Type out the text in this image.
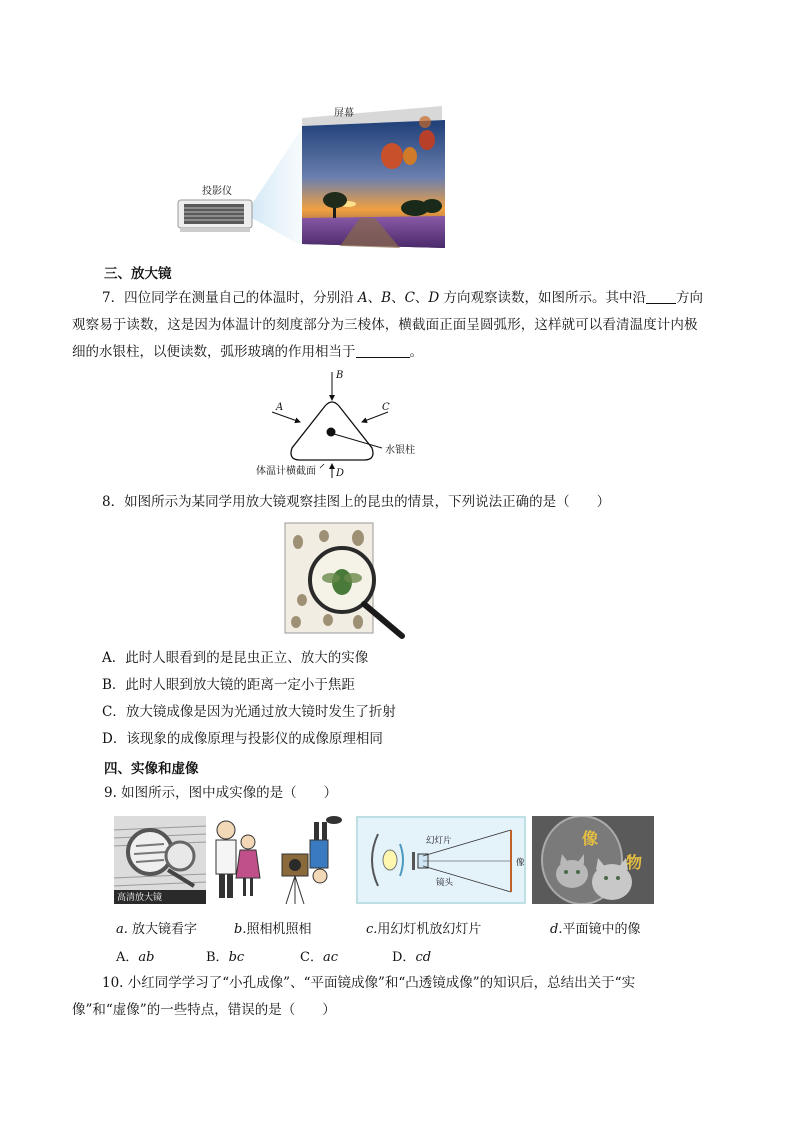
屏幕
投影仪
三、放大镜
7．四位同学在测量自己的体温时，分别沿 A、B、C、D 方向观察读数，如图所示。其中沿 方向
观察易于读数，这是因为体温计的刻度部分为三棱体，横截面正面呈圆弧形，这样就可以看清温度计内极
细的水银柱，以便读数，弧形玻璃的作用相当于	。
B
A	C
D
水银柱
体温计横截面
8．如图所示为某同学用放大镜观察挂图上的昆虫的情景，下列说法正确的是（　　）
A．此时人眼看到的是昆虫正立、放大的实像
B．此时人眼到放大镜的距离一定小于焦距
C．放大镜成像是因为光通过放大镜时发生了折射
D．该现象的成像原理与投影仪的成像原理相同
四、实像和虚像
9. 如图所示，图中成实像的是（　　）
高清放大镜
幻灯片
镜头
像
像
物
a. 放大镜看字	b.照相机照相	c.用幻灯机放幻灯片	d.平面镜中的像
A．ab	B．bc	C．ac	D．cd
10. 小红同学学习了“小孔成像”、“平面镜成像”和“凸透镜成像”的知识后，总结出关于“实
像”和“虚像”的一些特点，错误的是（　　）
